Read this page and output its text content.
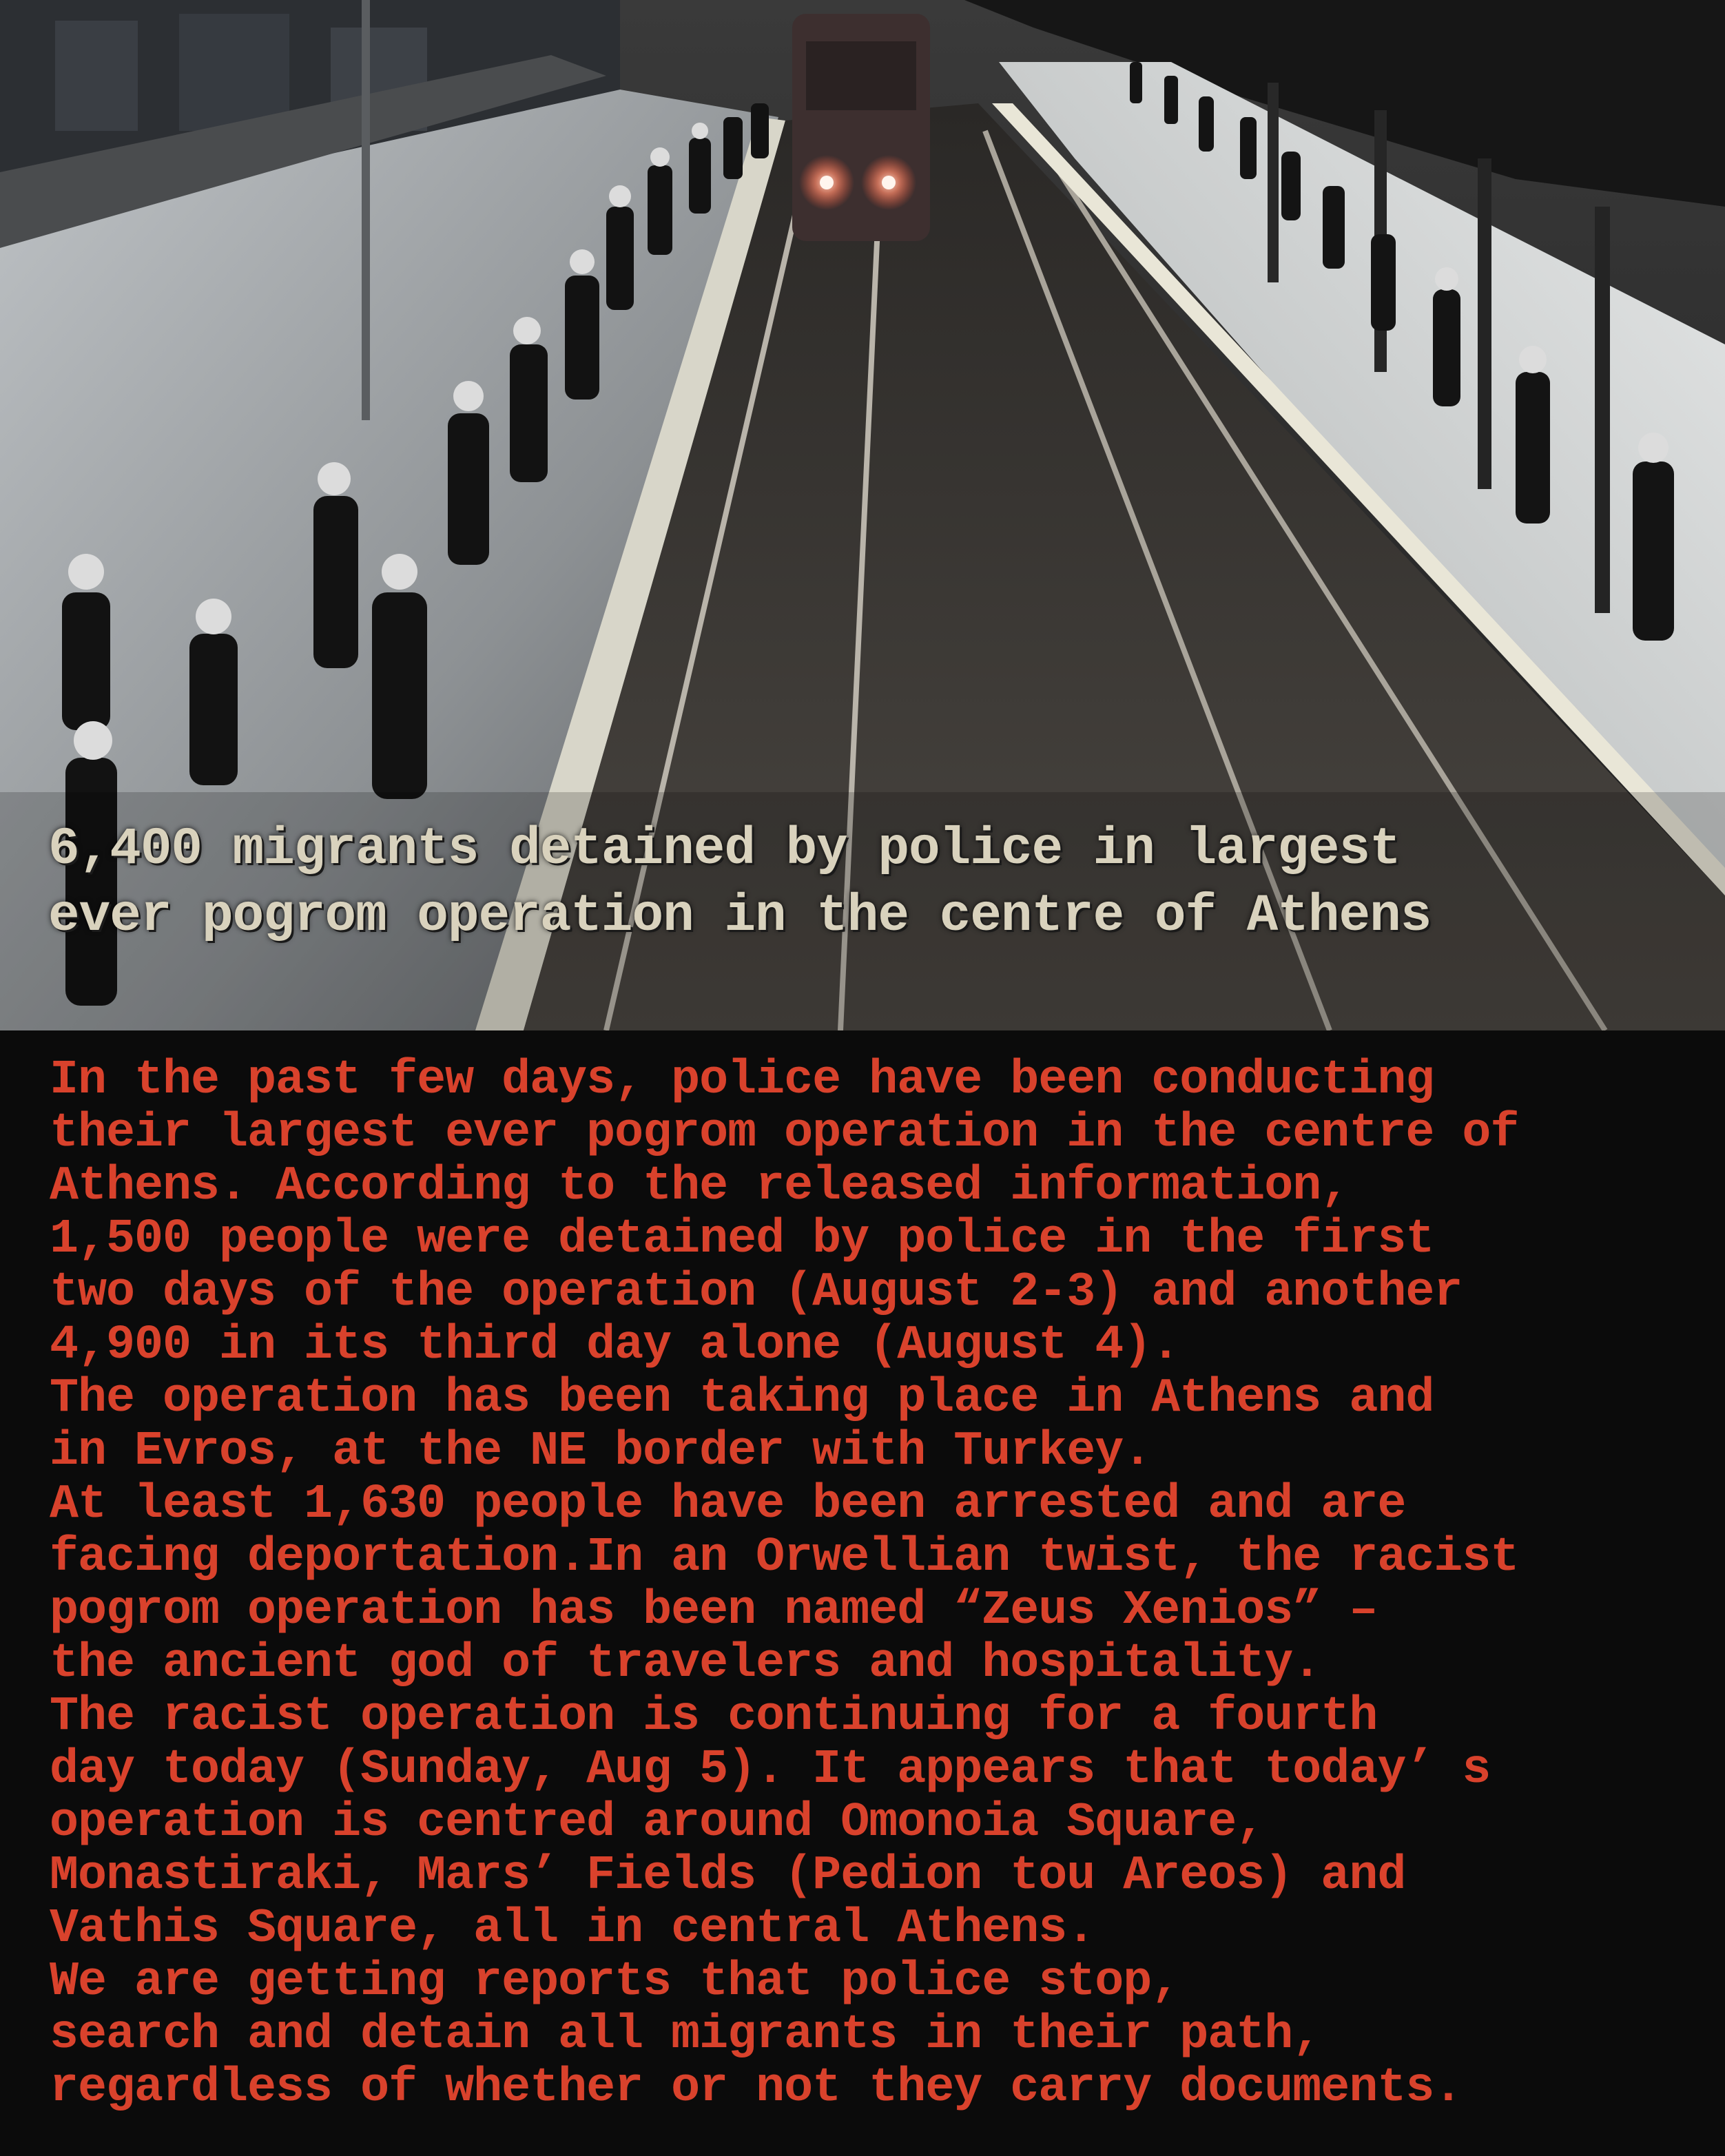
6,400 migrants detained by police in largest
ever pogrom operation in the centre of Athens
In the past few days, police have been conducting
their largest ever pogrom operation in the centre of
Athens. According to the released information,
1,500 people were detained by police in the first
two days of the operation (August 2-3) and another
4,900 in its third day alone (August 4).
The operation has been taking place in Athens and
in Evros, at the NE border with Turkey.
At least 1,630 people have been arrested and are
facing deportation.In an Orwellian twist, the racist
pogrom operation has been named “Zeus Xenios” –
the ancient god of travelers and hospitality.
The racist operation is continuing for a fourth
day today (Sunday, Aug 5). It appears that today’ s
operation is centred around Omonoia Square,
Monastiraki, Mars’ Fields (Pedion tou Areos) and
Vathis Square, all in central Athens.
We are getting reports that police stop,
search and detain all migrants in their path,
regardless of whether or not they carry documents.
